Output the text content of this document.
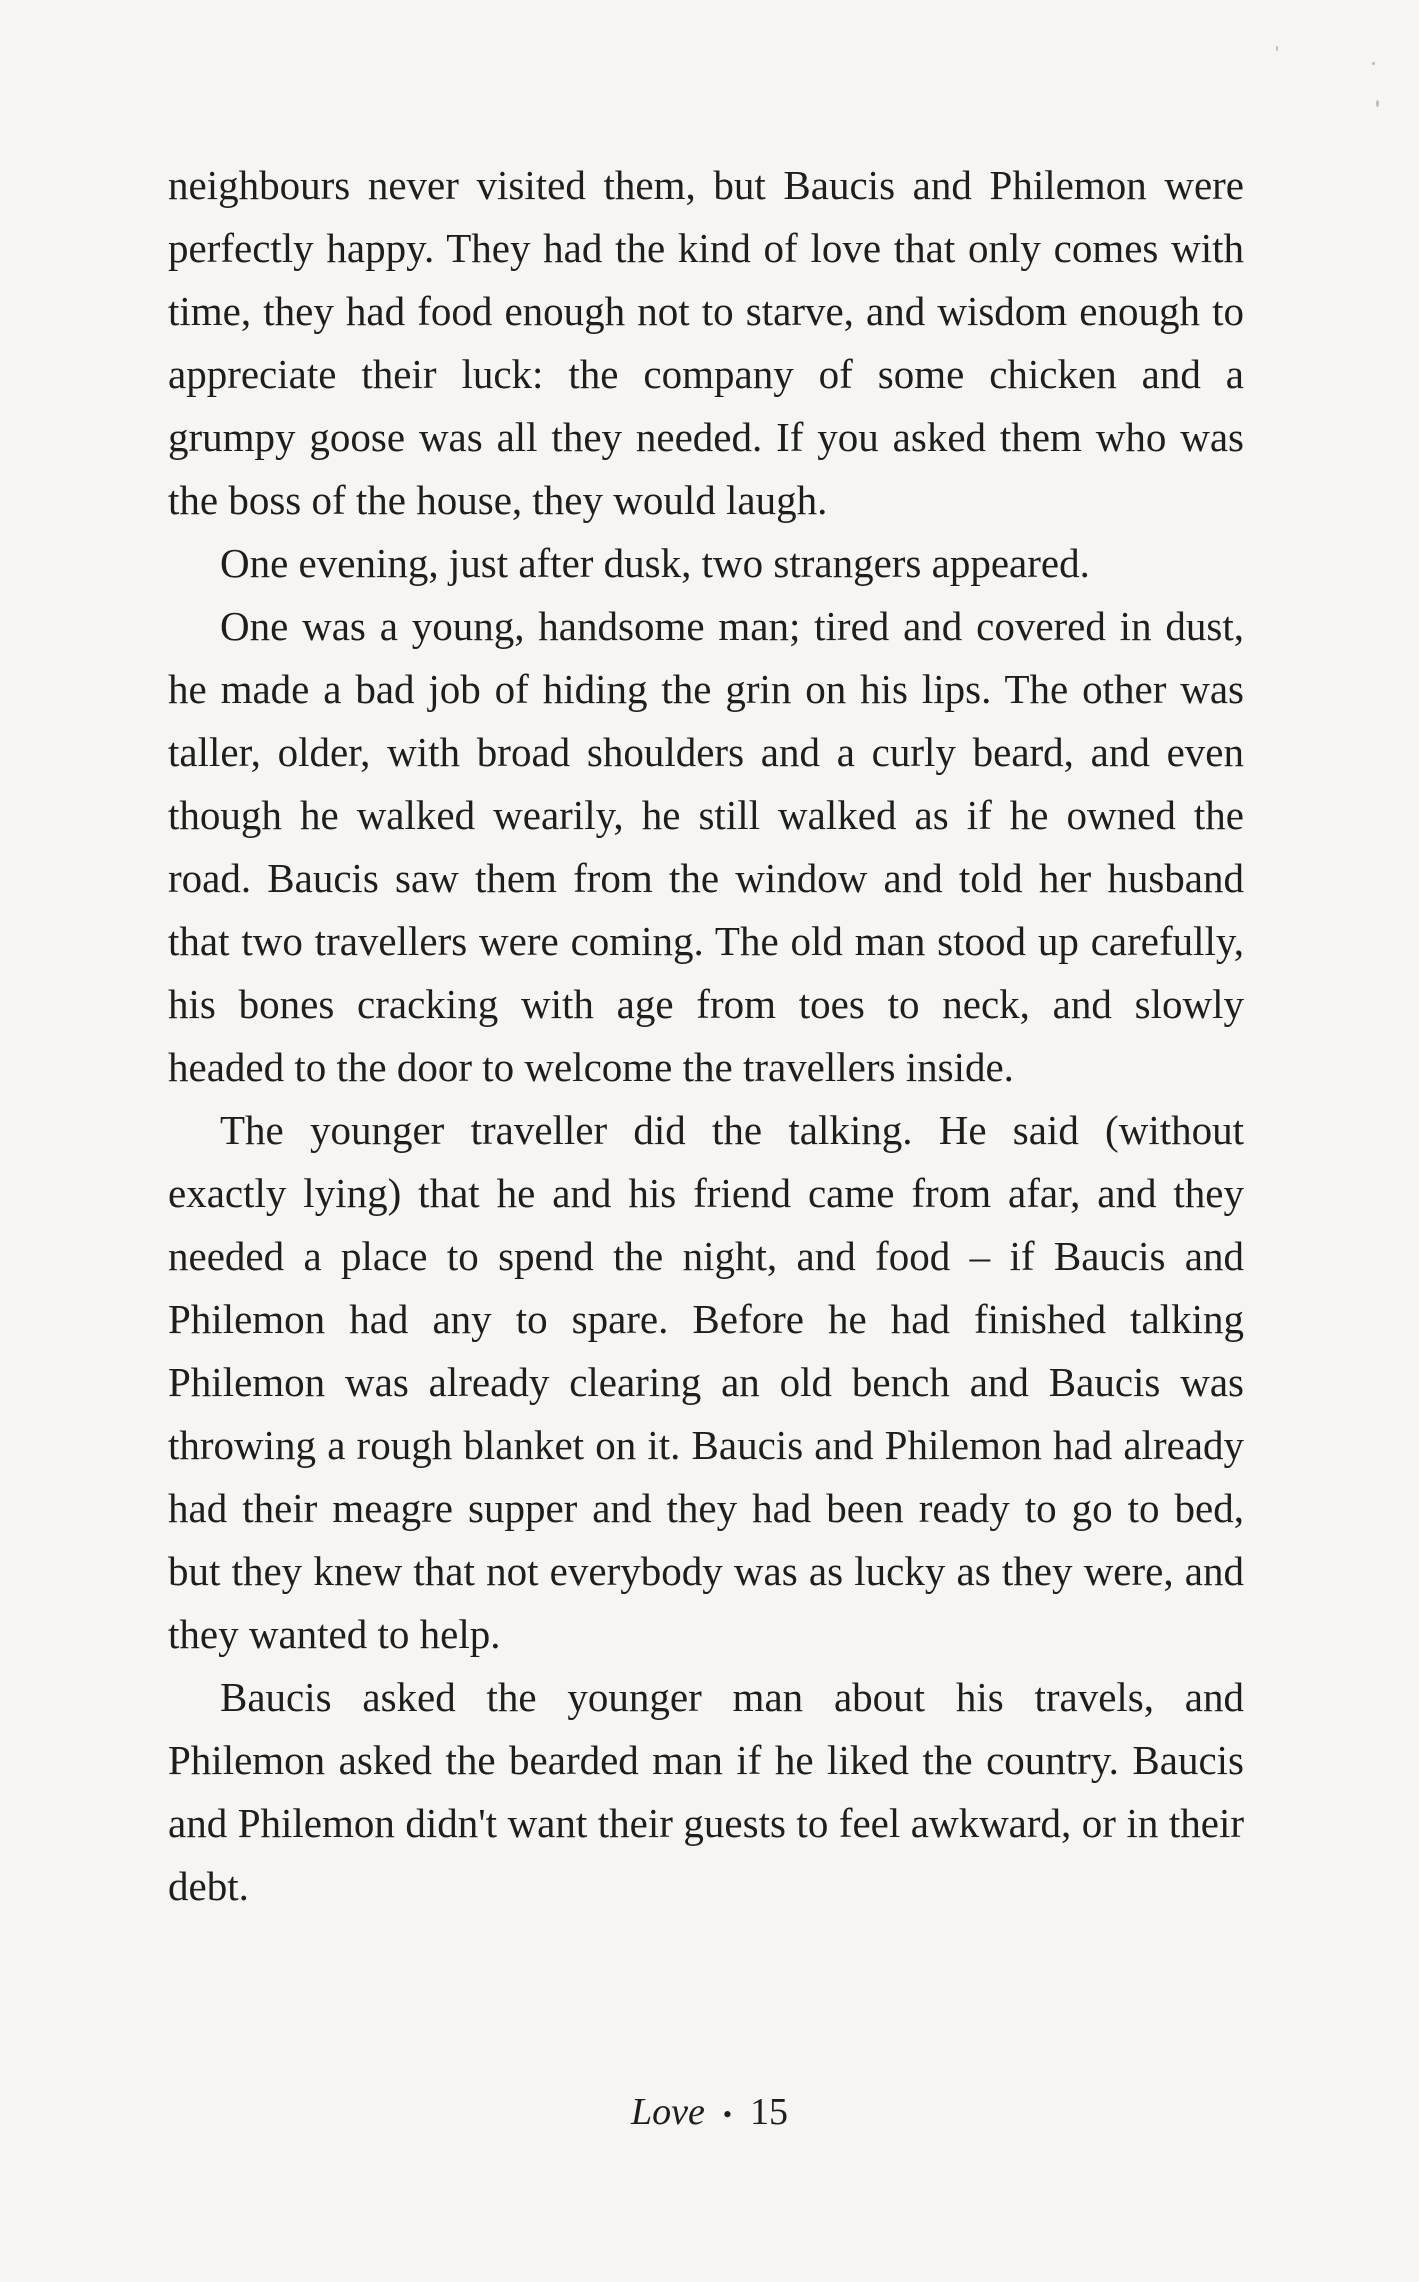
neighbours never visited them, but Baucis and Philemon were perfectly happy. They had the kind of love that only comes with time, they had food enough not to starve, and wisdom enough to appreciate their luck: the company of some chicken and a grumpy goose was all they needed. If you asked them who was the boss of the house, they would laugh.

One evening, just after dusk, two strangers appeared.

One was a young, handsome man; tired and covered in dust, he made a bad job of hiding the grin on his lips. The other was taller, older, with broad shoulders and a curly beard, and even though he walked wearily, he still walked as if he owned the road. Baucis saw them from the window and told her husband that two travellers were coming. The old man stood up carefully, his bones cracking with age from toes to neck, and slowly headed to the door to welcome the travellers inside.

The younger traveller did the talking. He said (without exactly lying) that he and his friend came from afar, and they needed a place to spend the night, and food – if Baucis and Philemon had any to spare. Before he had finished talking Philemon was already clearing an old bench and Baucis was throwing a rough blanket on it. Baucis and Philemon had already had their meagre supper and they had been ready to go to bed, but they knew that not everybody was as lucky as they were, and they wanted to help.

Baucis asked the younger man about his travels, and Philemon asked the bearded man if he liked the country. Baucis and Philemon didn't want their guests to feel awkward, or in their debt.

Love • 15
